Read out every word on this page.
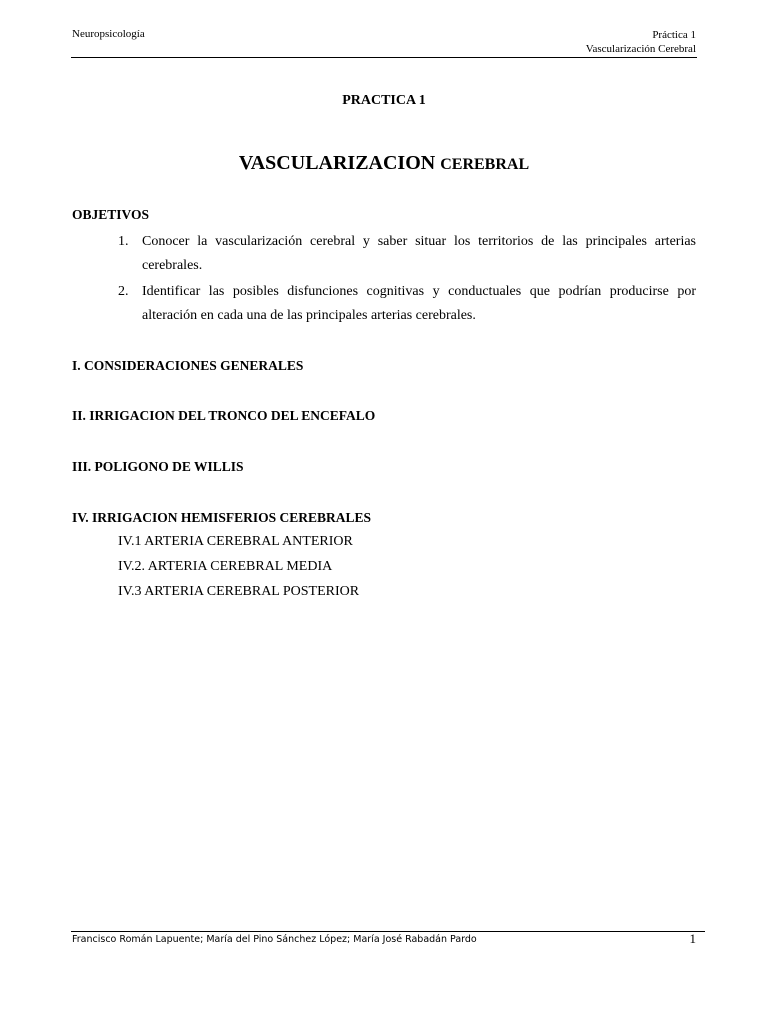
Neuropsicología	Práctica 1
Vascularización Cerebral
PRACTICA 1
VASCULARIZACION CEREBRAL
OBJETIVOS
1. Conocer la vascularización cerebral y saber situar los territorios de las principales arterias cerebrales.
2. Identificar las posibles disfunciones cognitivas y conductuales que podrían producirse por alteración en cada una de las principales arterias cerebrales.
I. CONSIDERACIONES GENERALES
II. IRRIGACION DEL TRONCO DEL ENCEFALO
III. POLIGONO DE WILLIS
IV. IRRIGACION HEMISFERIOS CEREBRALES
IV.1 ARTERIA CEREBRAL ANTERIOR
IV.2. ARTERIA CEREBRAL MEDIA
IV.3 ARTERIA CEREBRAL POSTERIOR
Francisco Román Lapuente; María del Pino Sánchez López; María José Rabadán Pardo	1
